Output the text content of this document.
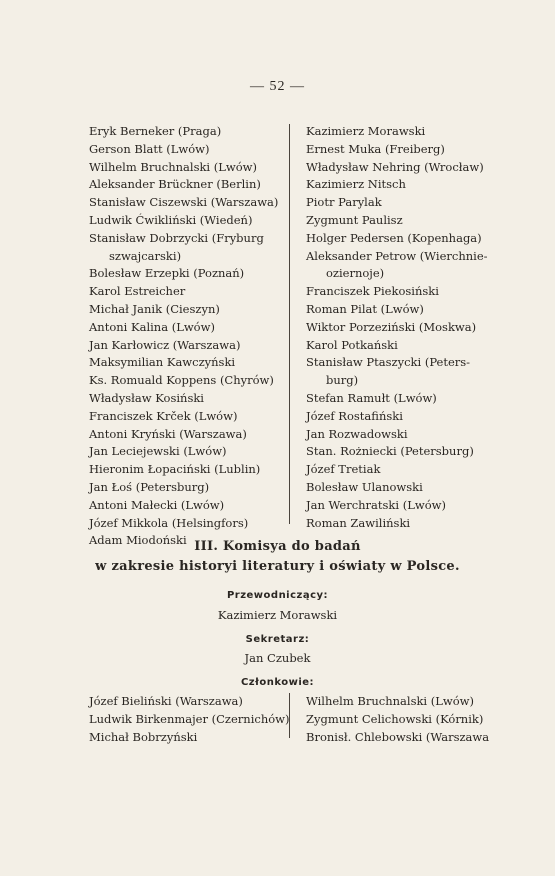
— 52 —
Eryk Berneker (Praga)
Gerson Blatt (Lwów)
Wilhelm Bruchnalski (Lwów)
Aleksander Brückner (Berlin)
Stanisław Ciszewski (Warszawa)
Ludwik Ćwikliński (Wiedeń)
Stanisław Dobrzycki (Fryburg
szwajcarski)
Bolesław Erzepki (Poznań)
Karol Estreicher
Michał Janik (Cieszyn)
Antoni Kalina (Lwów)
Jan Karłowicz (Warszawa)
Maksymilian Kawczyński
Ks. Romuald Koppens (Chyrów)
Władysław Kosiński
Franciszek Krček (Lwów)
Antoni Kryński (Warszawa)
Jan Leciejewski (Lwów)
Hieronim Łopaciński (Lublin)
Jan Łoś (Petersburg)
Antoni Małecki (Lwów)
Józef Mikkola (Helsingfors)
Adam Miodoński
Kazimierz Morawski
Ernest Muka (Freiberg)
Władysław Nehring (Wrocław)
Kazimierz Nitsch
Piotr Parylak
Zygmunt Paulisz
Holger Pedersen (Kopenhaga)
Aleksander Petrow (Wierchnie-
oziernoje)
Franciszek Piekosiński
Roman Pilat (Lwów)
Wiktor Porzeziński (Moskwa)
Karol Potkański
Stanisław Ptaszycki (Peters-
burg)
Stefan Ramułt (Lwów)
Józef Rostafiński
Jan Rozwadowski
Stan. Rożniecki (Petersburg)
Józef Tretiak
Bolesław Ulanowski
Jan Werchratski (Lwów)
Roman Zawiliński
III. Komisya do badań
w zakresie historyi literatury i oświaty w Polsce.
Przewodniczący:
Kazimierz Morawski
Sekretarz:
Jan Czubek
Członkowie:
Józef Bieliński (Warszawa)
Ludwik Birkenmajer (Czernichów)
Michał Bobrzyński
Wilhelm Bruchnalski (Lwów)
Zygmunt Celichowski (Kórnik)
Bronisł. Chlebowski (Warszawa
